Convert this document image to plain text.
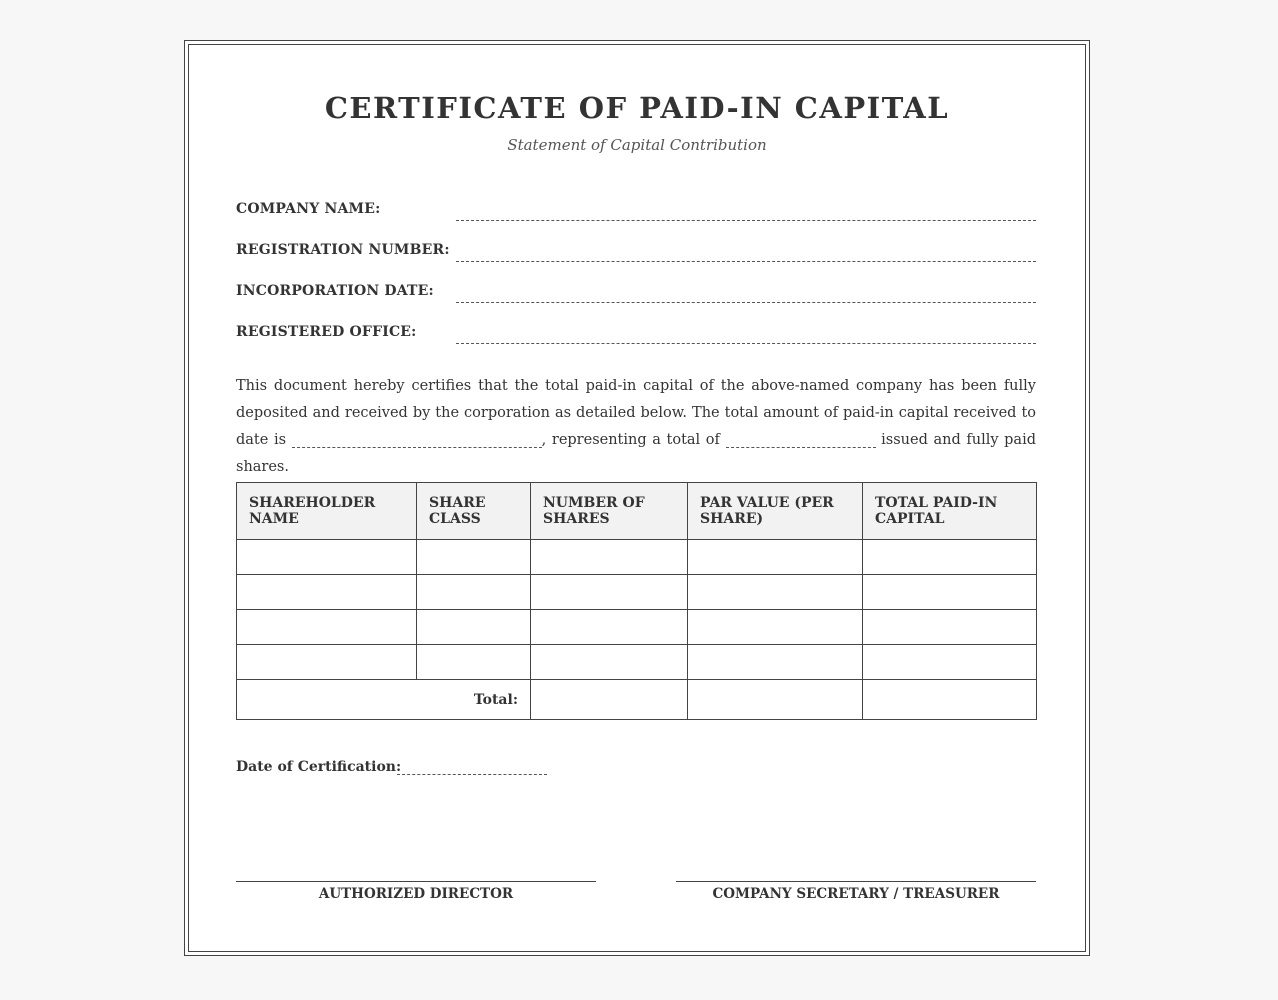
CERTIFICATE OF PAID-IN CAPITAL
Statement of Capital Contribution
COMPANY NAME:
REGISTRATION NUMBER:
INCORPORATION DATE:
REGISTERED OFFICE:
This document hereby certifies that the total paid-in capital of the above-named company has been fully deposited and received by the corporation as detailed below. The total amount of paid-in capital received to date is	, representing a total of	issued and fully paid shares.
SHAREHOLDER NAME	SHARE CLASS	NUMBER OF SHARES	PAR VALUE (PER SHARE)	TOTAL PAID-IN CAPITAL

Total:				
Date of Certification:
AUTHORIZED DIRECTOR	COMPANY SECRETARY / TREASURER
